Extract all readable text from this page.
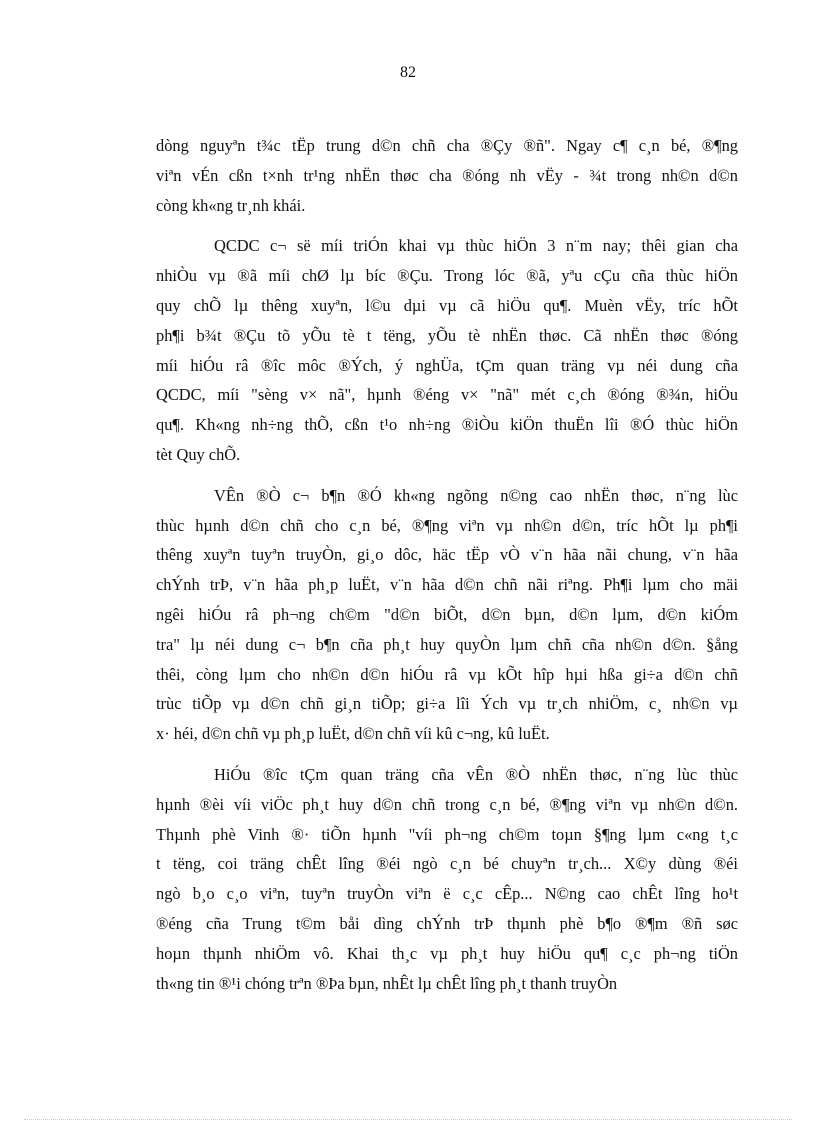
82
dòng nguyªn t¾c tËp trung d©n chñ cha ®Çy ®ñ". Ngay c¶ c¸n bé, ®¶ng
viªn vÉn cßn t×nh tr¹ng nhËn thøc cha ®óng nh vËy - ¾t trong nh©n d©n
còng kh«ng tr¸nh khái.
QCDC c¬ së míi triÓn khai vµ thùc hiÖn 3 n¨m nay; thêi gian cha
nhiÒu vµ ®ã míi chØ lµ bíc ®Çu. Trong lóc ®ã, yªu cÇu cña thùc hiÖn
quy chÕ lµ thêng xuyªn, l©u dµi vµ cã hiÖu qu¶. Muèn vËy, tríc hÕt
ph¶i b¾t ®Çu tõ yÕu tè t tëng, yÕu tè nhËn thøc. Cã nhËn thøc ®óng
míi hiÓu râ ®îc môc ®Ých, ý nghÜa, tÇm quan träng vµ néi dung cña
QCDC, míi "sèng v× nã", hµnh ®éng v× "nã" mét c¸ch ®óng ®¾n, hiÖu
qu¶. Kh«ng nh÷ng thÕ, cßn t¹o nh÷ng ®iÒu kiÖn thuËn lîi ®Ó thùc hiÖn
tèt Quy chÕ.
VÊn ®Ò c¬ b¶n ®Ó kh«ng ngõng n©ng cao nhËn thøc, n¨ng lùc
thùc hµnh d©n chñ cho c¸n bé, ®¶ng viªn vµ nh©n d©n, tríc hÕt lµ ph¶i
thêng xuyªn tuyªn truyÒn, gi¸o dôc, häc tËp vÒ v¨n hãa nãi chung, v¨n hãa
chÝnh trÞ, v¨n hãa ph¸p luËt, v¨n hãa d©n chñ nãi riªng. Ph¶i lµm cho mäi
ngêi hiÓu râ ph¬ng ch©m "d©n biÕt, d©n bµn, d©n lµm, d©n kiÓm
tra" lµ néi dung c¬ b¶n cña ph¸t huy quyÒn lµm chñ cña nh©n d©n. §ång
thêi, còng lµm cho nh©n d©n hiÓu râ vµ kÕt hîp hµi hßa gi÷a d©n chñ
trùc tiÕp vµ d©n chñ gi¸n tiÕp; gi÷a lîi Ých vµ tr¸ch nhiÖm, c¸ nh©n vµ
x· héi, d©n chñ vµ ph¸p luËt, d©n chñ víi kû c¬ng, kû luËt.
HiÓu ®îc tÇm quan träng cña vÊn ®Ò nhËn thøc, n¨ng lùc thùc
hµnh ®èi víi viÖc ph¸t huy d©n chñ trong c¸n bé, ®¶ng viªn vµ nh©n d©n.
Thµnh phè Vinh ®· tiÕn hµnh "víi ph¬ng ch©m toµn §¶ng lµm c«ng t¸c
t tëng, coi träng chÊt lîng ®éi ngò c¸n bé chuyªn tr¸ch... X©y dùng ®éi
ngò b¸o c¸o viªn, tuyªn truyÒn viªn ë c¸c cÊp... N©ng cao chÊt lîng ho¹t
®éng cña Trung t©m båi dìng chÝnh trÞ thµnh phè b¶o ®¶m ®ñ søc
hoµn thµnh nhiÖm vô. Khai th¸c vµ ph¸t huy hiÖu qu¶ c¸c ph¬ng tiÖn
th«ng tin ®¹i chóng trªn ®Þa bµn, nhÊt lµ chÊt lîng ph¸t thanh truyÒn
